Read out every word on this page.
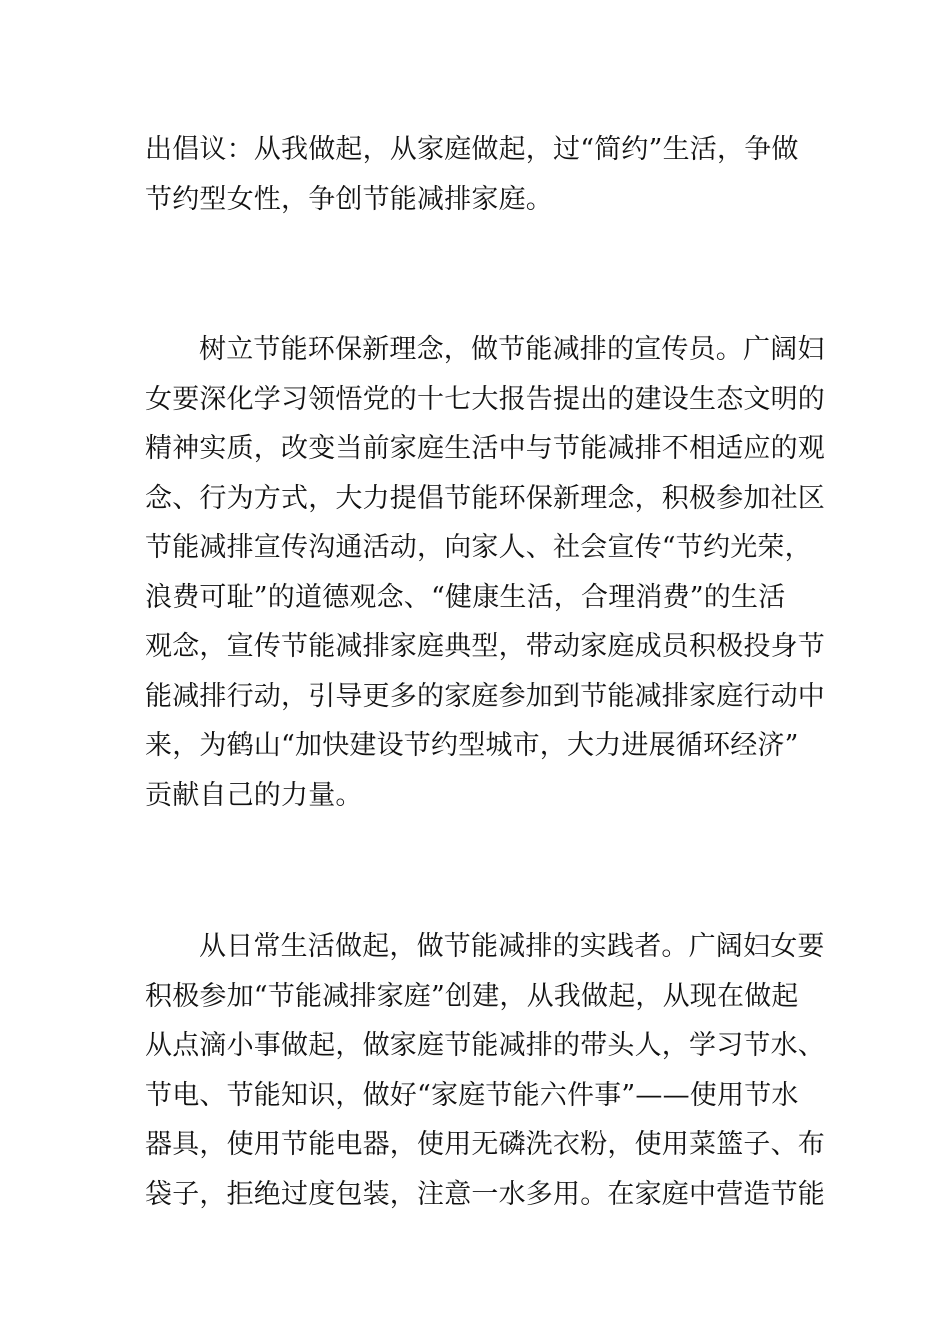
出倡议：从我做起，从家庭做起，过“简约”生活，争做
节约型女性，争创节能减排家庭。
树立节能环保新理念，做节能减排的宣传员。广阔妇
女要深化学习领悟党的十七大报告提出的建设生态文明的
精神实质，改变当前家庭生活中与节能减排不相适应的观
念、行为方式，大力提倡节能环保新理念，积极参加社区
节能减排宣传沟通活动，向家人、社会宣传“节约光荣，
浪费可耻”的道德观念、“健康生活，合理消费”的生活
观念，宣传节能减排家庭典型，带动家庭成员积极投身节
能减排行动，引导更多的家庭参加到节能减排家庭行动中
来，为鹤山“加快建设节约型城市，大力进展循环经济”
贡献自己的力量。
从日常生活做起，做节能减排的实践者。广阔妇女要
积极参加“节能减排家庭”创建，从我做起，从现在做起
从点滴小事做起，做家庭节能减排的带头人，学习节水、
节电、节能知识，做好“家庭节能六件事”——使用节水
器具，使用节能电器，使用无磷洗衣粉，使用菜篮子、布
袋子，拒绝过度包装，注意一水多用。在家庭中营造节能
